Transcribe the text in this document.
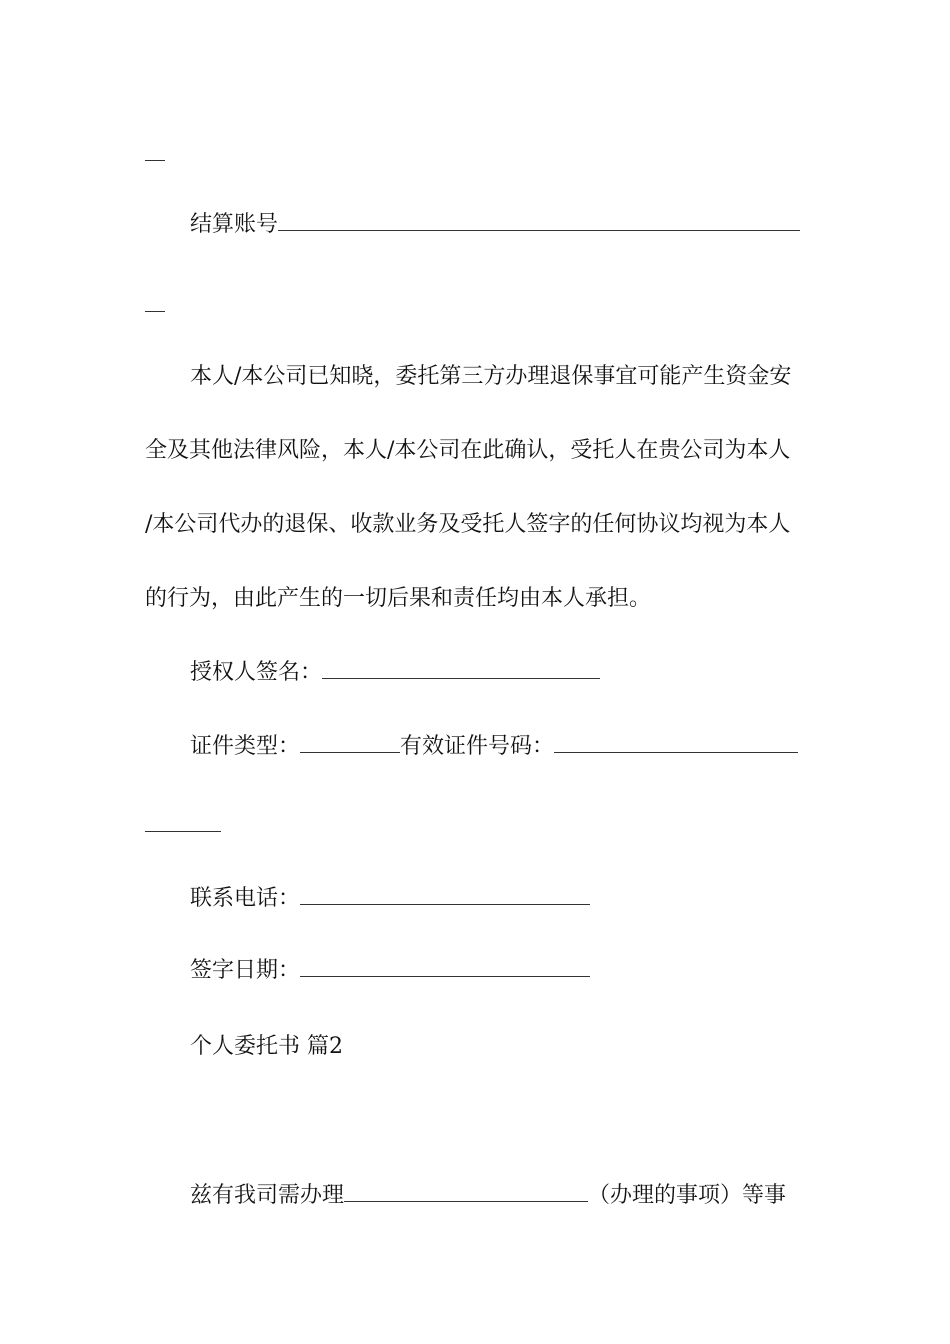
结算账号
本人/本公司已知晓，委托第三方办理退保事宜可能产生资金安
全及其他法律风险，本人/本公司在此确认，受托人在贵公司为本人
/本公司代办的退保、收款业务及受托人签字的任何协议均视为本人
的行为，由此产生的一切后果和责任均由本人承担。
授权人签名：
证件类型：	有效证件号码：
联系电话：
签字日期：
个人委托书 篇2
兹有我司需办理	（办理的事项）等事
